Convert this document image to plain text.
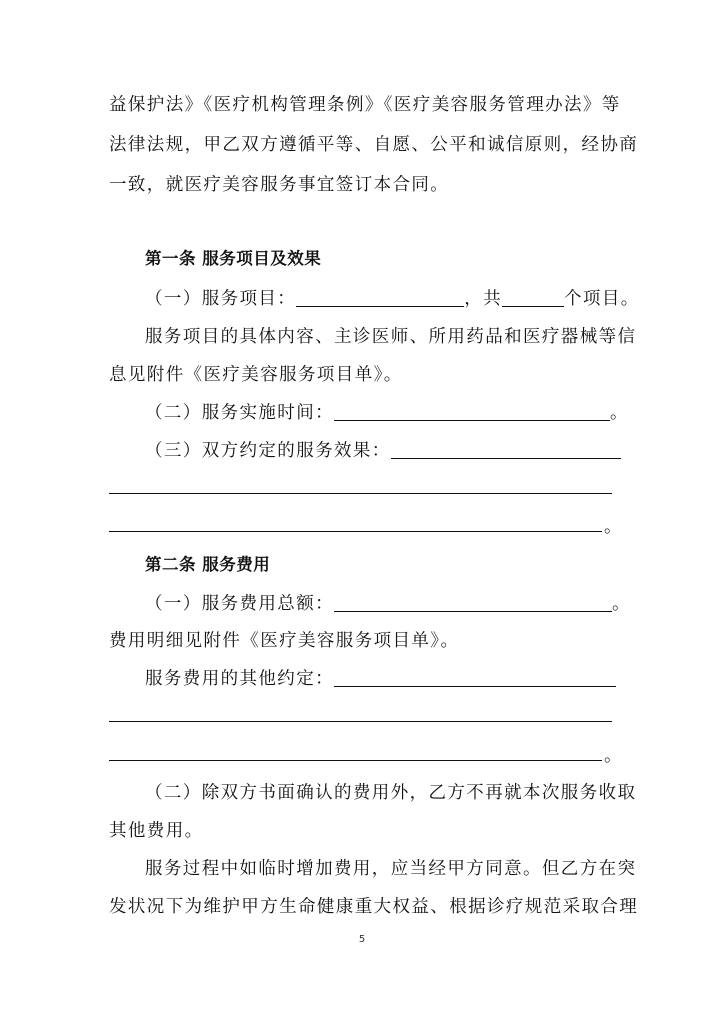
益保护法》《医疗机构管理条例》《医疗美容服务管理办法》等
法律法规，甲乙双方遵循平等、自愿、公平和诚信原则，经协商
一致，就医疗美容服务事宜签订本合同。
第一条 服务项目及效果
（一）服务项目：	，共	个项目。
服务项目的具体内容、主诊医师、所用药品和医疗器械等信
息见附件《医疗美容服务项目单》。
（二）服务实施时间：	。
（三）双方约定的服务效果：
。
第二条 服务费用
（一）服务费用总额：	。
费用明细见附件《医疗美容服务项目单》。
服务费用的其他约定：
。
（二）除双方书面确认的费用外，乙方不再就本次服务收取
其他费用。
服务过程中如临时增加费用，应当经甲方同意。但乙方在突
发状况下为维护甲方生命健康重大权益、根据诊疗规范采取合理
5
